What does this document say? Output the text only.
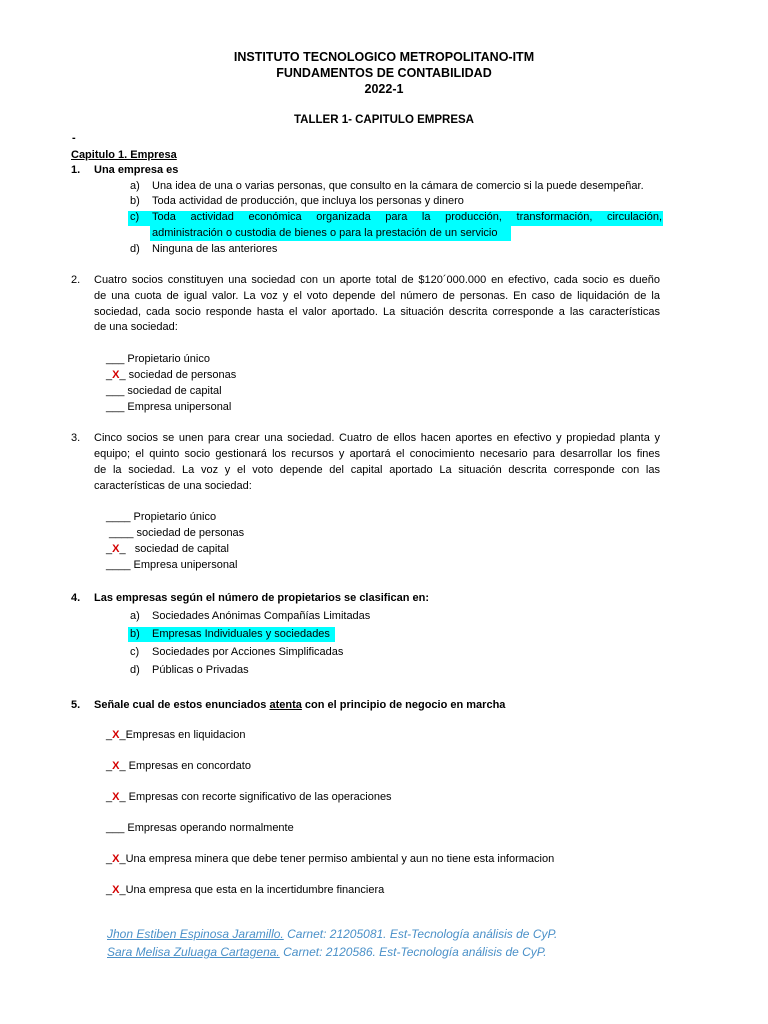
INSTITUTO TECNOLOGICO METROPOLITANO-ITM
FUNDAMENTOS DE CONTABILIDAD
2022-1
TALLER 1- CAPITULO EMPRESA
-
Capitulo 1. Empresa
1. Una empresa es
a) Una idea de una o varias personas, que consulto en la cámara de comercio si la puede desempeñar.
b) Toda actividad de producción, que incluya los personas y dinero
c) Toda actividad económica organizada para la producción, transformación, circulación,
administración o custodia de bienes o para la prestación de un servicio
d) Ninguna de las anteriores
2. Cuatro socios constituyen una sociedad con un aporte total de $120´000.000 en efectivo, cada socio es dueño
de una cuota de igual valor. La voz y el voto depende del número de personas. En caso de liquidación de la
sociedad, cada socio responde hasta el valor aportado. La situación descrita corresponde a las características
de una sociedad:
___ Propietario único
_X_ sociedad de personas
___ sociedad de capital
___ Empresa unipersonal
3. Cinco socios se unen para crear una sociedad. Cuatro de ellos hacen aportes en efectivo y propiedad planta y
equipo; el quinto socio gestionará los recursos y aportará el conocimiento necesario para desarrollar los fines
de la sociedad. La voz y el voto depende del capital aportado La situación descrita corresponde con las
características de una sociedad:
____ Propietario único
____ sociedad de personas
_X_ sociedad de capital
____ Empresa unipersonal
4. Las empresas según el número de propietarios se clasifican en:
a) Sociedades Anónimas Compañías Limitadas
b) Empresas Individuales y sociedades
c) Sociedades por Acciones Simplificadas
d) Públicas o Privadas
5. Señale cual de estos enunciados atenta con el principio de negocio en marcha
_X_Empresas en liquidacion
_X_ Empresas en concordato
_X_ Empresas con recorte significativo de las operaciones
___ Empresas operando normalmente
_X_Una empresa minera que debe tener permiso ambiental y aun no tiene esta informacion
_X_Una empresa que esta en la incertidumbre financiera
Jhon Estiben Espinosa Jaramillo. Carnet: 21205081. Est-Tecnología análisis de CyP.
Sara Melisa Zuluaga Cartagena. Carnet: 2120586. Est-Tecnología análisis de CyP.
